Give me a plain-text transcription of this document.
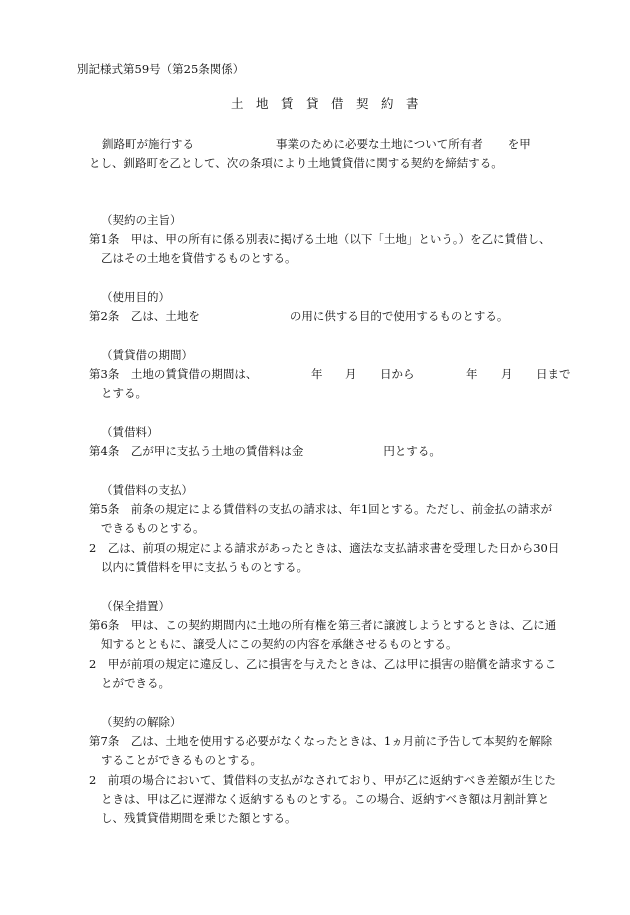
別記様式第59号（第25条関係）
土　地　賃　貸　借　契　約　書
釧路町が施行する	事業のために必要な土地について所有者 を甲
とし、釧路町を乙として、次の条項により土地賃貸借に関する契約を締結する。
（契約の主旨）
第1条　甲は、甲の所有に係る別表に掲げる土地（以下「土地」という。）を乙に賃借し、
乙はその土地を貸借するものとする。
（使用目的）
第2条　乙は、土地を	の用に供する目的で使用するものとする。
（賃貸借の期間）
第3条　土地の賃貸借の期間は、	年 月 日から	年 月 日まで
とする。
（賃借料）
第4条　乙が甲に支払う土地の賃借料は金	円とする。
（賃借料の支払）
第5条　前条の規定による賃借料の支払の請求は、年1回とする。ただし、前金払の請求が
できるものとする。
2　乙は、前項の規定による請求があったときは、適法な支払請求書を受理した日から30日
以内に賃借料を甲に支払うものとする。
（保全措置）
第6条　甲は、この契約期間内に土地の所有権を第三者に譲渡しようとするときは、乙に通
知するとともに、譲受人にこの契約の内容を承継させるものとする。
2　甲が前項の規定に違反し、乙に損害を与えたときは、乙は甲に損害の賠償を請求するこ
とができる。
（契約の解除）
第7条　乙は、土地を使用する必要がなくなったときは、1ヵ月前に予告して本契約を解除
することができるものとする。
2　前項の場合において、賃借料の支払がなされており、甲が乙に返納すべき差額が生じた
ときは、甲は乙に遅滞なく返納するものとする。この場合、返納すべき額は月割計算と
し、残賃貸借期間を乗じた額とする。
